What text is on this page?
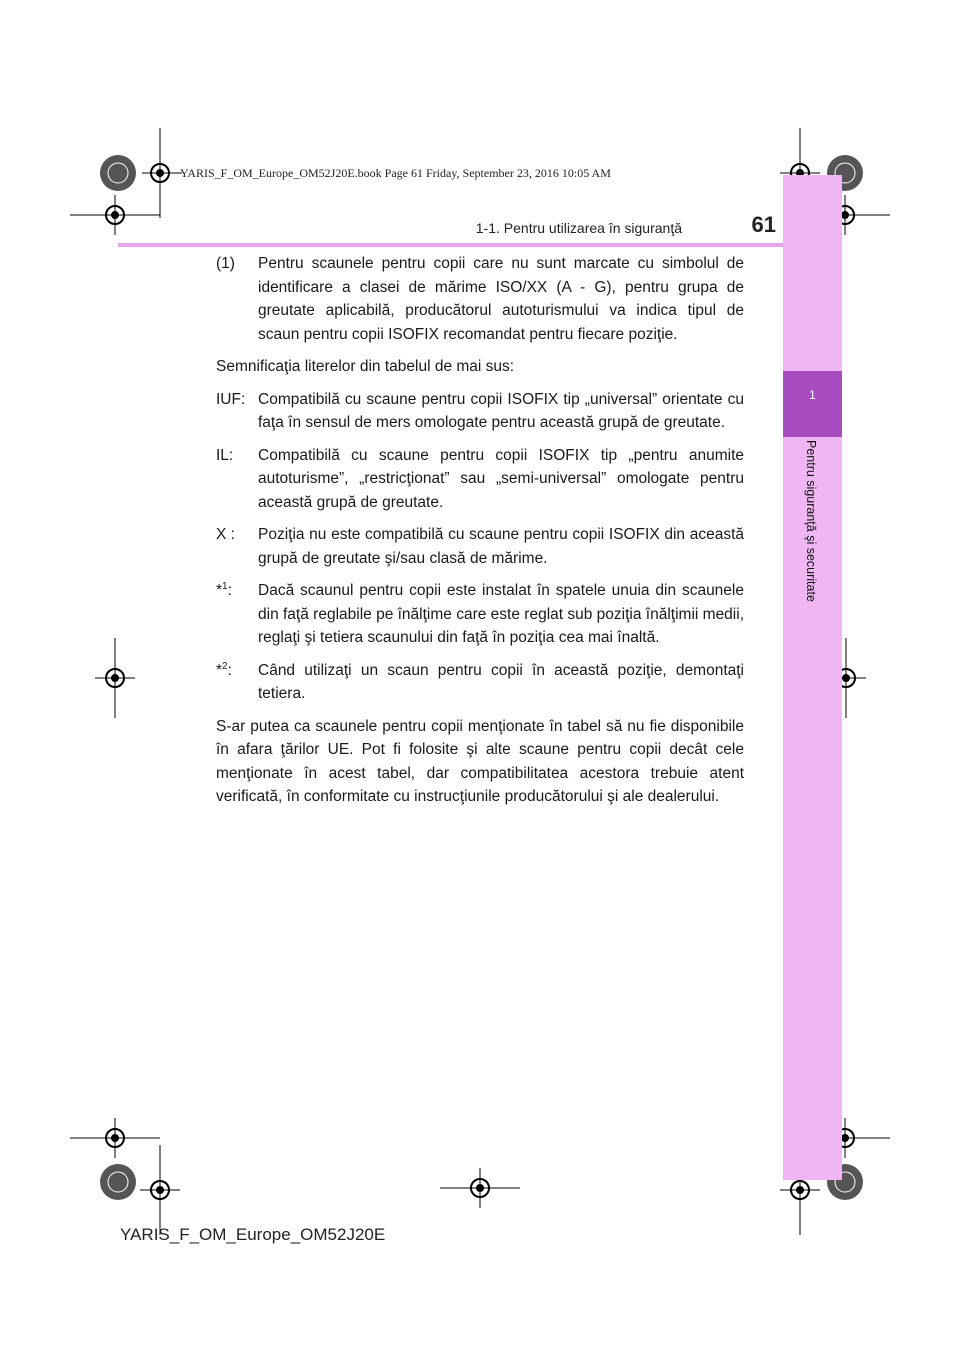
YARIS_F_OM_Europe_OM52J20E.book Page 61 Friday, September 23, 2016 10:05 AM
1
Pentru siguranţă şi securitate
1-1. Pentru utilizarea în siguranţă	61
(1)	Pentru scaunele pentru copii care nu sunt marcate cu simbolul de identificare a clasei de mărime ISO/XX (A - G), pentru grupa de greutate aplicabilă, producătorul autoturismului va indica tipul de scaun pentru copii ISOFIX recomandat pentru fiecare poziţie.

Semnificaţia literelor din tabelul de mai sus:

IUF: Compatibilă cu scaune pentru copii ISOFIX tip „universal” orientate cu faţa în sensul de mers omologate pentru această grupă de greutate.
IL:	Compatibilă cu scaune pentru copii ISOFIX tip „pentru anumite autoturisme”, „restricţionat” sau „semi-universal” omologate pentru această grupă de greutate.
X :	Poziţia nu este compatibilă cu scaune pentru copii ISOFIX din această grupă de greutate şi/sau clasă de mărime.
*$^1$:	Dacă scaunul pentru copii este instalat în spatele unuia din scaunele din faţă reglabile pe înălţime care este reglat sub poziţia înălţimii medii, reglaţi şi tetiera scaunului din faţă în poziţia cea mai înaltă.
*$^2$:	Când utilizaţi un scaun pentru copii în această poziţie, demontaţi tetiera.

S-ar putea ca scaunele pentru copii menţionate în tabel să nu fie disponibile în afara ţărilor UE. Pot fi folosite şi alte scaune pentru copii decât cele menţionate în acest tabel, dar compatibilitatea acestora trebuie atent verificată, în conformitate cu instrucţiunile producătorului şi ale dealerului.

YARIS_F_OM_Europe_OM52J20E
